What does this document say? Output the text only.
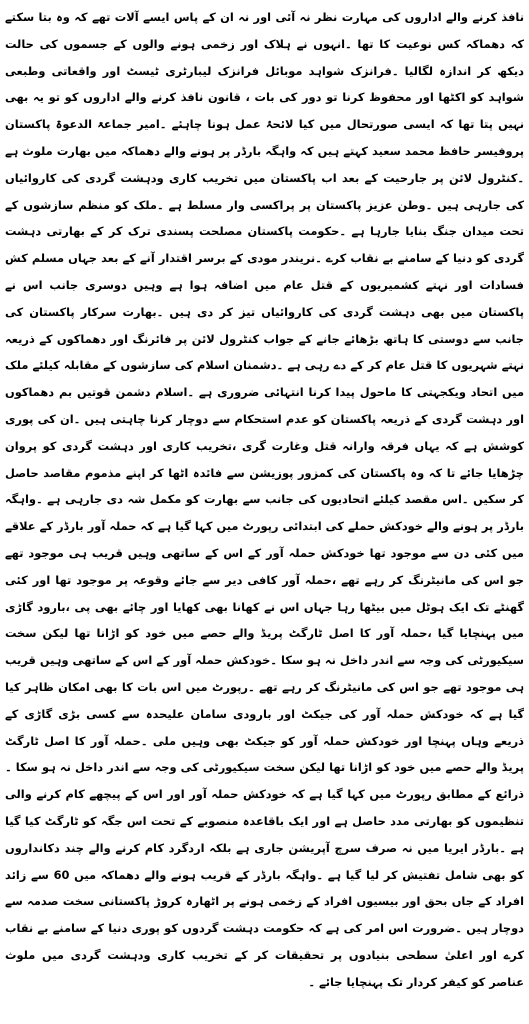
نافذ کرنے والے اداروں کی مہارت نظر نہ آئی اور نہ ان کے پاس ایسے آلات تھے کہ وہ بتا سکتے کہ دھماکہ کس نوعیت کا تھا ۔انہوں نے ہلاک اور زخمی ہونے والوں کے جسموں کی حالت دیکھ کر اندازہ لگالیا ۔فرانزک شواہد موبائل فرانزک لیبارٹری ٹیسٹ اور واقعاتی وطبعی شواہد کو اکٹھا اور محفوظ کرنا تو دور کی بات ، قانون نافذ کرنے والے اداروں کو تو یہ بھی نہیں پتا تھا کہ ایسی صورتحال میں کیا لائحۂ عمل ہونا چاہئے ۔امیر جماعۃ الدعوۃ پاکستان پروفیسر حافظ محمد سعید کہتے ہیں کہ واہگہ بارڈر پر ہونے والے دھماکہ میں بھارت ملوث ہے ۔کنٹرول لائن پر جارحیت کے بعد اب پاکستان میں تخریب کاری ودہشت گردی کی کاروائیاں کی جارہی ہیں ۔وطن عزیز پاکستان پر پراکسی وار مسلط ہے ۔ملک کو منظم سازشوں کے تحت میدان جنگ بنایا جارہا ہے ۔حکومت پاکستان مصلحت پسندی ترک کر کے بھارتی دہشت گردی کو دنیا کے سامنے بے نقاب کرے ۔نریندر مودی کے برسر اقتدار آنے کے بعد جہاں مسلم کش فسادات اور نہتے کشمیریوں کے قتل عام میں اضافہ ہوا ہے وہیں دوسری جانب اس نے پاکستان میں بھی دہشت گردی کی کاروائیاں تیز کر دی ہیں ۔بھارت سرکار پاکستان کی جانب سے دوستی کا ہاتھ بڑھائے جانے کے جواب کنٹرول لائن پر فائرنگ اور دھماکوں کے ذریعہ نہتے شہریوں کا قتل عام کر کے دے رہی ہے ۔دشمنان اسلام کی سازشوں کے مقابلہ کیلئے ملک میں اتحاد ویکجہتی کا ماحول پیدا کرنا انتہائی ضروری ہے ۔اسلام دشمن قوتیں بم دھماکوں اور دہشت گردی کے ذریعہ پاکستان کو عدم استحکام سے دوچار کرنا چاہتی ہیں ۔ان کی پوری کوشش ہے کہ یہاں فرقہ وارانہ قتل وغارت گری ،تخریب کاری اور دہشت گردی کو پروان چڑھایا جائے تا کہ وہ پاکستان کی کمزور پوزیشن سے فائدہ اٹھا کر اپنے مذموم مقاصد حاصل کر سکیں ۔اس مقصد کیلئے اتحادیوں کی جانب سے بھارت کو مکمل شہ دی جارہی ہے ۔واہگہ بارڈر پر ہونے والے خودکش حملے کی ابتدائی رپورٹ میں کہا گیا ہے کہ حملہ آور بارڈر کے علاقے میں کئی دن سے موجود تھا خودکش حملہ آور کے اس کے ساتھی وہیں قریب ہی موجود تھے جو اس کی مانیٹرنگ کر رہے تھے ،حملہ آور کافی دیر سے جائے وقوعہ پر موجود تھا اور کئی گھنٹے تک ایک ہوٹل میں بیٹھا رہا جہاں اس نے کھانا بھی کھایا اور چائے بھی پی ،بارود گاڑی میں پہنچایا گیا ،حملہ آور کا اصل ٹارگٹ پریڈ والے حصے میں خود کو اڑانا تھا لیکن سخت سیکیورٹی کی وجہ سے اندر داخل نہ ہو سکا ۔خودکش حملہ آور کے اس کے ساتھی وہیں قریب ہی موجود تھے جو اس کی مانیٹرنگ کر رہے تھے ۔رپورٹ میں اس بات کا بھی امکان ظاہر کیا گیا ہے کہ خودکش حملہ آور کی جیکٹ اور بارودی سامان علیحدہ سے کسی بڑی گاڑی کے ذریعے وہاں پہنچا اور خودکش حملہ آور کو جیکٹ بھی وہیں ملی ۔حملہ آور کا اصل ٹارگٹ پریڈ والے حصے میں خود کو اڑانا تھا لیکن سخت سیکیورٹی کی وجہ سے اندر داخل نہ ہو سکا ۔ذرائع کے مطابق رپورٹ میں کہا گیا ہے کہ خودکش حملہ آور اور اس کے پیچھے کام کرنے والی تنظیموں کو بھارتی مدد حاصل ہے اور ایک باقاعدہ منصوبے کے تحت اس جگہ کو ٹارگٹ کیا گیا ہے ۔بارڈر ایریا میں نہ صرف سرچ آپریشن جاری ہے بلکہ اردگرد کام کرنے والے چند دکانداروں کو بھی شامل تفتیش کر لیا گیا ہے ۔واہگہ بارڈر کے قریب ہونے والے دھماکہ میں 60 سے زائد افراد کے جاں بحق اور بیسیوں افراد کے زخمی ہونے پر اٹھارہ کروڑ پاکستانی سخت صدمہ سے دوچار ہیں ۔ضرورت اس امر کی ہے کہ حکومت دہشت گردوں کو پوری دنیا کے سامنے بے نقاب کرے اور اعلیٰ سطحی بنیادوں پر تحقیقات کر کے تخریب کاری ودہشت گردی میں ملوث عناصر کو کیفر کردار تک پہنچایا جائے ۔
